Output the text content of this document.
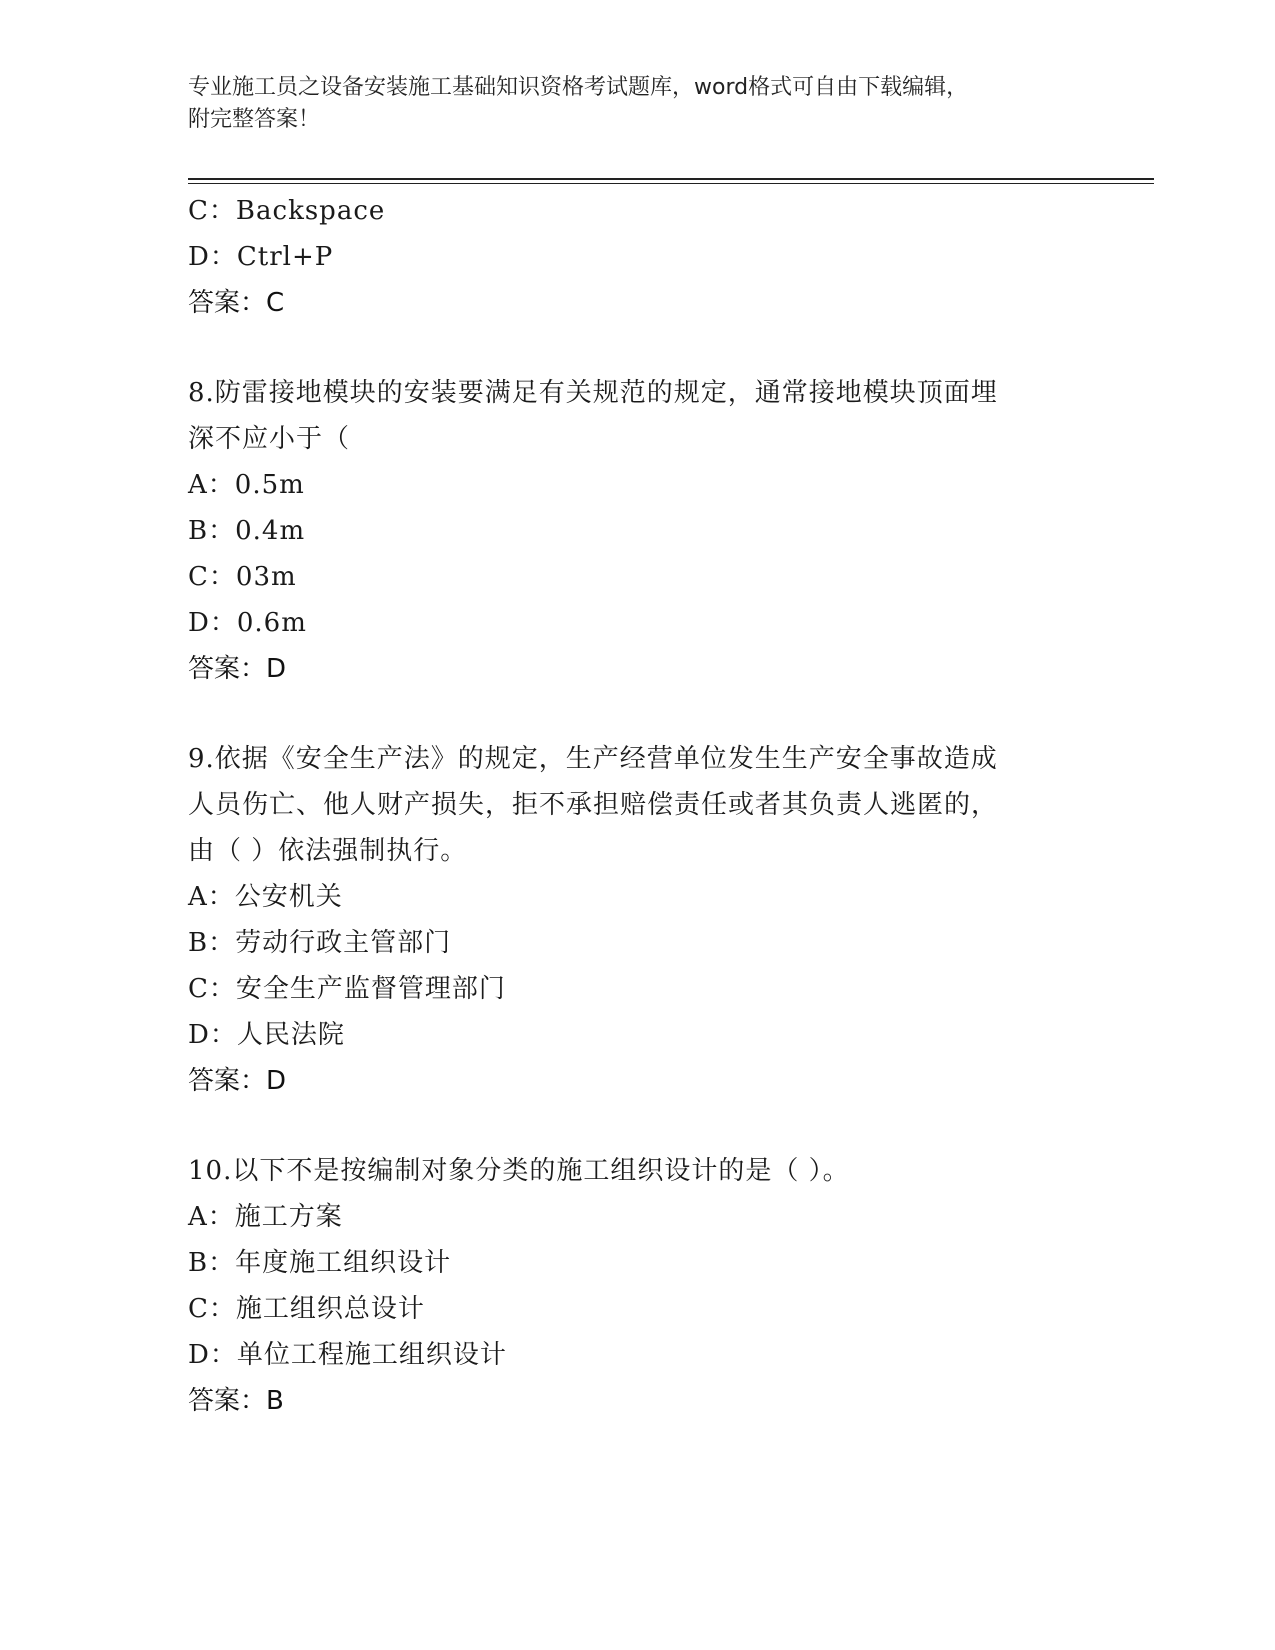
专业施工员之设备安装施工基础知识资格考试题库，word格式可自由下载编辑，
附完整答案！
C： Backspace
D： Ctrl+P
答案：C
8.防雷接地模块的安装要满足有关规范的规定，通常接地模块顶面埋
深不应小于（
A： 0.5m
B： 0.4m
C： 03m
D： 0.6m
答案：D
9.依据《安全生产法》的规定，生产经营单位发生生产安全事故造成
人员伤亡、他人财产损失，拒不承担赔偿责任或者其负责人逃匿的，
由（ ）依法强制执行。
A： 公安机关
B： 劳动行政主管部门
C： 安全生产监督管理部门
D： 人民法院
答案：D
10.以下不是按编制对象分类的施工组织设计的是（ ）。
A： 施工方案
B： 年度施工组织设计
C： 施工组织总设计
D： 单位工程施工组织设计
答案：B
